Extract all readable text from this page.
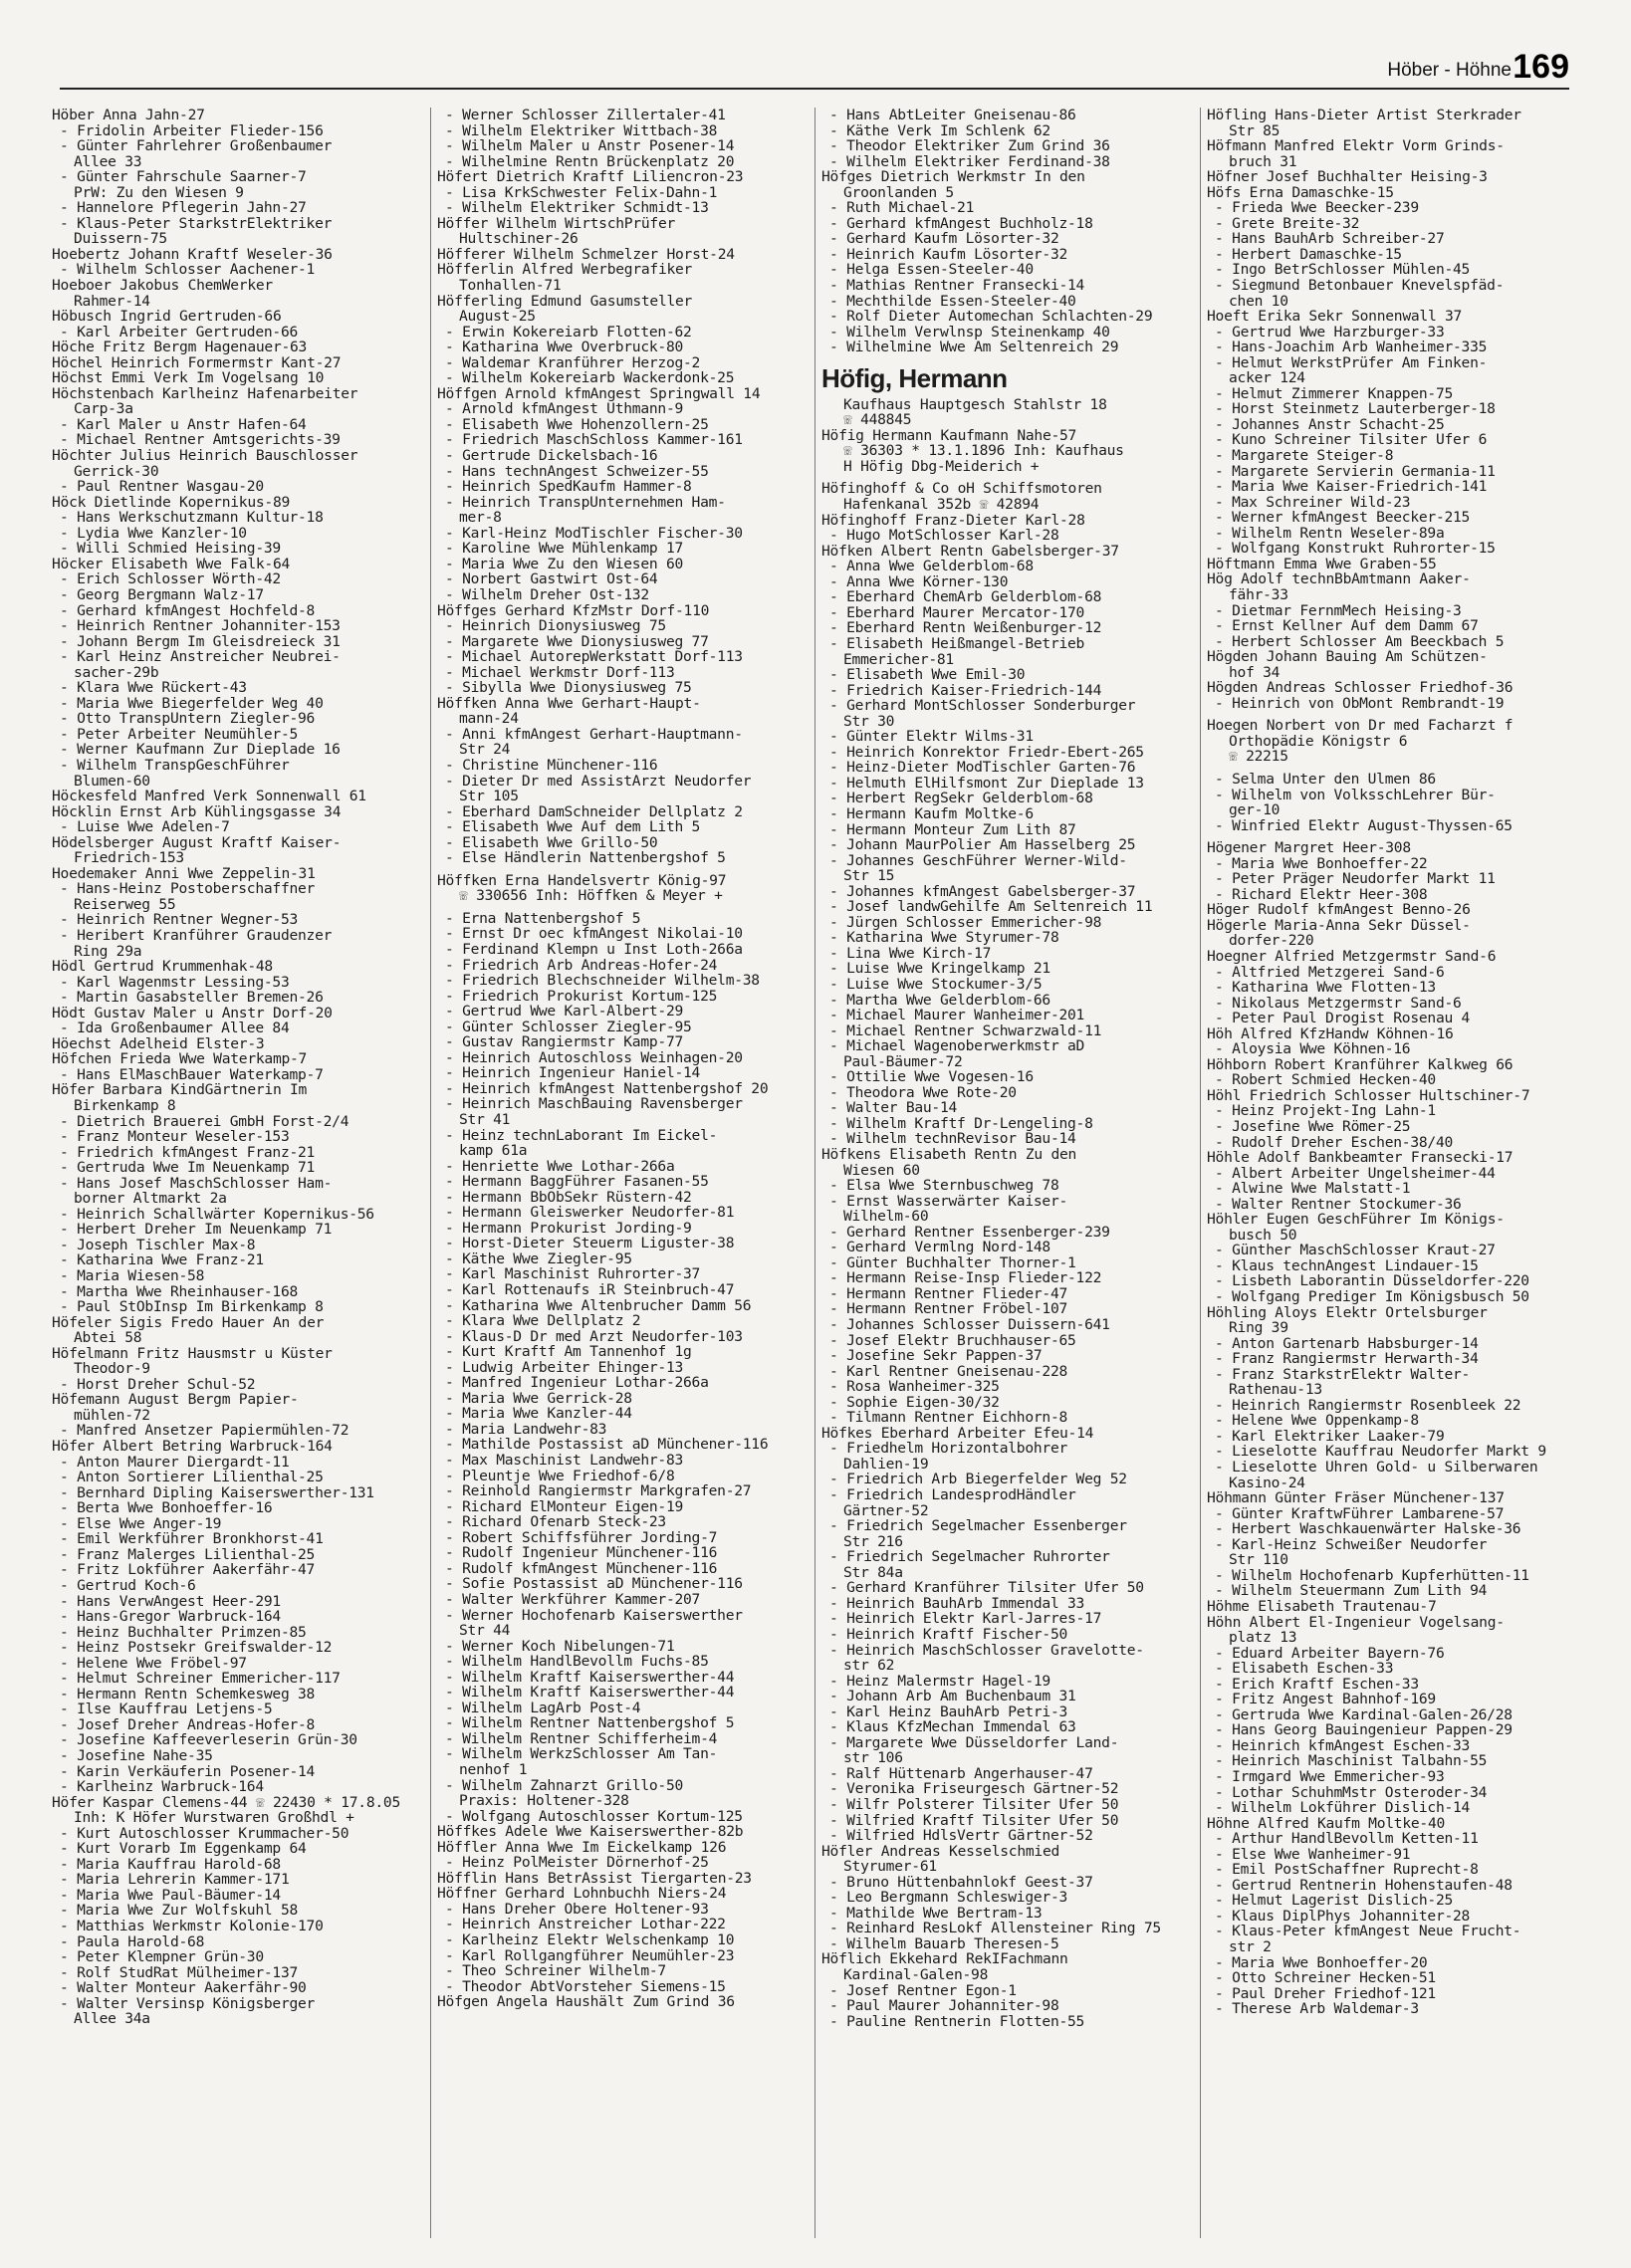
Höber - Höhne 169
Höber Anna Jahn-27
- Fridolin Arbeiter Flieder-156
- Günter Fahrlehrer Großenbaumer
Allee 33
- Günter Fahrschule Saarner-7
PrW: Zu den Wiesen 9
- Hannelore Pflegerin Jahn-27
- Klaus-Peter StarkstrElektriker
Duissern-75
Hoebertz Johann Kraftf Weseler-36
- Wilhelm Schlosser Aachener-1
Hoeboer Jakobus ChemWerker
Rahmer-14
Höbusch Ingrid Gertruden-66
- Karl Arbeiter Gertruden-66
Höche Fritz Bergm Hagenauer-63
Höchel Heinrich Formermstr Kant-27
Höchst Emmi Verk Im Vogelsang 10
Höchstenbach Karlheinz Hafenarbeiter
Carp-3a
- Karl Maler u Anstr Hafen-64
- Michael Rentner Amtsgerichts-39
Höchter Julius Heinrich Bauschlosser
Gerrick-30
- Paul Rentner Wasgau-20
Höck Dietlinde Kopernikus-89
- Hans Werkschutzmann Kultur-18
- Lydia Wwe Kanzler-10
- Willi Schmied Heising-39
Höcker Elisabeth Wwe Falk-64
- Erich Schlosser Wörth-42
- Georg Bergmann Walz-17
- Gerhard kfmAngest Hochfeld-8
- Heinrich Rentner Johanniter-153
- Johann Bergm Im Gleisdreieck 31
- Karl Heinz Anstreicher Neubrei-
sacher-29b
- Klara Wwe Rückert-43
- Maria Wwe Biegerfelder Weg 40
- Otto TranspUntern Ziegler-96
- Peter Arbeiter Neumühler-5
- Werner Kaufmann Zur Dieplade 16
- Wilhelm TranspGeschFührer
Blumen-60
Höckesfeld Manfred Verk Sonnenwall 61
Höcklin Ernst Arb Kühlingsgasse 34
- Luise Wwe Adelen-7
Hödelsberger August Kraftf Kaiser-
Friedrich-153
Hoedemaker Anni Wwe Zeppelin-31
- Hans-Heinz Postoberschaffner
Reiserweg 55
- Heinrich Rentner Wegner-53
- Heribert Kranführer Graudenzer
Ring 29a
Hödl Gertrud Krummenhak-48
- Karl Wagenmstr Lessing-53
- Martin Gasabsteller Bremen-26
Hödt Gustav Maler u Anstr Dorf-20
- Ida Großenbaumer Allee 84
Höechst Adelheid Elster-3
Höfchen Frieda Wwe Waterkamp-7
- Hans ElMaschBauer Waterkamp-7
Höfer Barbara KindGärtnerin Im
Birkenkamp 8
- Dietrich Brauerei GmbH Forst-2/4
- Franz Monteur Weseler-153
- Friedrich kfmAngest Franz-21
- Gertruda Wwe Im Neuenkamp 71
- Hans Josef MaschSchlosser Ham-
borner Altmarkt 2a
- Heinrich Schallwärter Kopernikus-56
- Herbert Dreher Im Neuenkamp 71
- Joseph Tischler Max-8
- Katharina Wwe Franz-21
- Maria Wiesen-58
- Martha Wwe Rheinhauser-168
- Paul StObInsp Im Birkenkamp 8
Höfeler Sigis Fredo Hauer An der
Abtei 58
Höfelmann Fritz Hausmstr u Küster
Theodor-9
- Horst Dreher Schul-52
Höfemann August Bergm Papier-
mühlen-72
- Manfred Ansetzer Papiermühlen-72
Höfer Albert Betring Warbruck-164
- Anton Maurer Diergardt-11
- Anton Sortierer Lilienthal-25
- Bernhard Dipling Kaiserswerther-131
- Berta Wwe Bonhoeffer-16
- Else Wwe Anger-19
- Emil Werkführer Bronkhorst-41
- Franz Malerges Lilienthal-25
- Fritz Lokführer Aakerfähr-47
- Gertrud Koch-6
- Hans VerwAngest Heer-291
- Hans-Gregor Warbruck-164
- Heinz Buchhalter Primzen-85
- Heinz Postsekr Greifswalder-12
- Helene Wwe Fröbel-97
- Helmut Schreiner Emmericher-117
- Hermann Rentn Schemkesweg 38
- Ilse Kauffrau Letjens-5
- Josef Dreher Andreas-Hofer-8
- Josefine Kaffeeverleserin Grün-30
- Josefine Nahe-35
- Karin Verkäuferin Posener-14
- Karlheinz Warbruck-164
Höfer Kaspar Clemens-44 ☏ 22430 * 17.8.05
Inh: K Höfer Wurstwaren Großhdl +
- Kurt Autoschlosser Krummacher-50
- Kurt Vorarb Im Eggenkamp 64
- Maria Kauffrau Harold-68
- Maria Lehrerin Kammer-171
- Maria Wwe Paul-Bäumer-14
- Maria Wwe Zur Wolfskuhl 58
- Matthias Werkmstr Kolonie-170
- Paula Harold-68
- Peter Klempner Grün-30
- Rolf StudRat Mülheimer-137
- Walter Monteur Aakerfähr-90
- Walter Versinsp Königsberger
Allee 34a
- Werner Schlosser Zillertaler-41
- Wilhelm Elektriker Wittbach-38
- Wilhelm Maler u Anstr Posener-14
- Wilhelmine Rentn Brückenplatz 20
Höfert Dietrich Kraftf Liliencron-23
- Lisa KrkSchwester Felix-Dahn-1
- Wilhelm Elektriker Schmidt-13
Höffer Wilhelm WirtschPrüfer
Hultschiner-26
Höfferer Wilhelm Schmelzer Horst-24
Höfferlin Alfred Werbegrafiker
Tonhallen-71
Höfferling Edmund Gasumsteller
August-25
- Erwin Kokereiarb Flotten-62
- Katharina Wwe Overbruck-80
- Waldemar Kranführer Herzog-2
- Wilhelm Kokereiarb Wackerdonk-25
Höffgen Arnold kfmAngest Springwall 14
- Arnold kfmAngest Uthmann-9
- Elisabeth Wwe Hohenzollern-25
- Friedrich MaschSchloss Kammer-161
- Gertrude Dickelsbach-16
- Hans technAngest Schweizer-55
- Heinrich SpedKaufm Hammer-8
- Heinrich TranspUnternehmen Ham-
mer-8
- Karl-Heinz ModTischler Fischer-30
- Karoline Wwe Mühlenkamp 17
- Maria Wwe Zu den Wiesen 60
- Norbert Gastwirt Ost-64
- Wilhelm Dreher Ost-132
Höffges Gerhard KfzMstr Dorf-110
- Heinrich Dionysiusweg 75
- Margarete Wwe Dionysiusweg 77
- Michael AutorepWerkstatt Dorf-113
- Michael Werkmstr Dorf-113
- Sibylla Wwe Dionysiusweg 75
Höffken Anna Wwe Gerhart-Haupt-
mann-24
- Anni kfmAngest Gerhart-Hauptmann-
Str 24
- Christine Münchener-116
- Dieter Dr med AssistArzt Neudorfer
Str 105
- Eberhard DamSchneider Dellplatz 2
- Elisabeth Wwe Auf dem Lith 5
- Elisabeth Wwe Grillo-50
- Else Händlerin Nattenbergshof 5
Höffken Erna Handelsvertr König-97
☏ 330656 Inh: Höffken & Meyer +
- Erna Nattenbergshof 5
- Ernst Dr oec kfmAngest Nikolai-10
- Ferdinand Klempn u Inst Loth-266a
- Friedrich Arb Andreas-Hofer-24
- Friedrich Blechschneider Wilhelm-38
- Friedrich Prokurist Kortum-125
- Gertrud Wwe Karl-Albert-29
- Günter Schlosser Ziegler-95
- Gustav Rangiermstr Kamp-77
- Heinrich Autoschloss Weinhagen-20
- Heinrich Ingenieur Haniel-14
- Heinrich kfmAngest Nattenbergshof 20
- Heinrich MaschBauing Ravensberger
Str 41
- Heinz technLaborant Im Eickel-
kamp 61a
- Henriette Wwe Lothar-266a
- Hermann BaggFührer Fasanen-55
- Hermann BbObSekr Rüstern-42
- Hermann Gleiswerker Neudorfer-81
- Hermann Prokurist Jording-9
- Horst-Dieter Steuerm Liguster-38
- Käthe Wwe Ziegler-95
- Karl Maschinist Ruhrorter-37
- Karl Rottenaufs iR Steinbruch-47
- Katharina Wwe Altenbrucher Damm 56
- Klara Wwe Dellplatz 2
- Klaus-D Dr med Arzt Neudorfer-103
- Kurt Kraftf Am Tannenhof 1g
- Ludwig Arbeiter Ehinger-13
- Manfred Ingenieur Lothar-266a
- Maria Wwe Gerrick-28
- Maria Wwe Kanzler-44
- Maria Landwehr-83
- Mathilde Postassist aD Münchener-116
- Max Maschinist Landwehr-83
- Pleuntje Wwe Friedhof-6/8
- Reinhold Rangiermstr Markgrafen-27
- Richard ElMonteur Eigen-19
- Richard Ofenarb Steck-23
- Robert Schiffsführer Jording-7
- Rudolf Ingenieur Münchener-116
- Rudolf kfmAngest Münchener-116
- Sofie Postassist aD Münchener-116
- Walter Werkführer Kammer-207
- Werner Hochofenarb Kaiserswerther
Str 44
- Werner Koch Nibelungen-71
- Wilhelm HandlBevollm Fuchs-85
- Wilhelm Kraftf Kaiserswerther-44
- Wilhelm Kraftf Kaiserswerther-44
- Wilhelm LagArb Post-4
- Wilhelm Rentner Nattenbergshof 5
- Wilhelm Rentner Schifferheim-4
- Wilhelm WerkzSchlosser Am Tan-
nenhof 1
- Wilhelm Zahnarzt Grillo-50
Praxis: Holtener-328
- Wolfgang Autoschlosser Kortum-125
Höffkes Adele Wwe Kaiserswerther-82b
Höffler Anna Wwe Im Eickelkamp 126
- Heinz PolMeister Dörnerhof-25
Höfflin Hans BetrAssist Tiergarten-23
Höffner Gerhard Lohnbuchh Niers-24
- Hans Dreher Obere Holtener-93
- Heinrich Anstreicher Lothar-222
- Karlheinz Elektr Welschenkamp 10
- Karl Rollgangführer Neumühler-23
- Theo Schreiner Wilhelm-7
- Theodor AbtVorsteher Siemens-15
Höfgen Angela Haushält Zum Grind 36
- Hans AbtLeiter Gneisenau-86
- Käthe Verk Im Schlenk 62
- Theodor Elektriker Zum Grind 36
- Wilhelm Elektriker Ferdinand-38
Höfges Dietrich Werkmstr In den
Groonlanden 5
- Ruth Michael-21
- Gerhard kfmAngest Buchholz-18
- Gerhard Kaufm Lösorter-32
- Heinrich Kaufm Lösorter-32
- Helga Essen-Steeler-40
- Mathias Rentner Fransecki-14
- Mechthilde Essen-Steeler-40
- Rolf Dieter Automechan Schlachten-29
- Wilhelm Verwlnsp Steinenkamp 40
- Wilhelmine Wwe Am Seltenreich 29
Höfig, Hermann
Kaufhaus Hauptgesch Stahlstr 18
☏ 448845
Höfig Hermann Kaufmann Nahe-57
☏ 36303 * 13.1.1896 Inh: Kaufhaus
H Höfig Dbg-Meiderich +
Höfinghoff & Co oH Schiffsmotoren
Hafenkanal 352b ☏ 42894
Höfinghoff Franz-Dieter Karl-28
- Hugo MotSchlosser Karl-28
Höfken Albert Rentn Gabelsberger-37
- Anna Wwe Gelderblom-68
- Anna Wwe Körner-130
- Eberhard ChemArb Gelderblom-68
- Eberhard Maurer Mercator-170
- Eberhard Rentn Weißenburger-12
- Elisabeth Heißmangel-Betrieb
Emmericher-81
- Elisabeth Wwe Emil-30
- Friedrich Kaiser-Friedrich-144
- Gerhard MontSchlosser Sonderburger
Str 30
- Günter Elektr Wilms-31
- Heinrich Konrektor Friedr-Ebert-265
- Heinz-Dieter ModTischler Garten-76
- Helmuth ElHilfsmont Zur Dieplade 13
- Herbert RegSekr Gelderblom-68
- Hermann Kaufm Moltke-6
- Hermann Monteur Zum Lith 87
- Johann MaurPolier Am Hasselberg 25
- Johannes GeschFührer Werner-Wild-
Str 15
- Johannes kfmAngest Gabelsberger-37
- Josef landwGehilfe Am Seltenreich 11
- Jürgen Schlosser Emmericher-98
- Katharina Wwe Styrumer-78
- Lina Wwe Kirch-17
- Luise Wwe Kringelkamp 21
- Luise Wwe Stockumer-3/5
- Martha Wwe Gelderblom-66
- Michael Maurer Wanheimer-201
- Michael Rentner Schwarzwald-11
- Michael Wagenoberwerkmstr aD
Paul-Bäumer-72
- Ottilie Wwe Vogesen-16
- Theodora Wwe Rote-20
- Walter Bau-14
- Wilhelm Kraftf Dr-Lengeling-8
- Wilhelm technRevisor Bau-14
Höfkens Elisabeth Rentn Zu den
Wiesen 60
- Elsa Wwe Sternbuschweg 78
- Ernst Wasserwärter Kaiser-
Wilhelm-60
- Gerhard Rentner Essenberger-239
- Gerhard Vermlng Nord-148
- Günter Buchhalter Thorner-1
- Hermann Reise-Insp Flieder-122
- Hermann Rentner Flieder-47
- Hermann Rentner Fröbel-107
- Johannes Schlosser Duissern-641
- Josef Elektr Bruchhauser-65
- Josefine Sekr Pappen-37
- Karl Rentner Gneisenau-228
- Rosa Wanheimer-325
- Sophie Eigen-30/32
- Tilmann Rentner Eichhorn-8
Höfkes Eberhard Arbeiter Efeu-14
- Friedhelm Horizontalbohrer
Dahlien-19
- Friedrich Arb Biegerfelder Weg 52
- Friedrich LandesprodHändler
Gärtner-52
- Friedrich Segelmacher Essenberger
Str 216
- Friedrich Segelmacher Ruhrorter
Str 84a
- Gerhard Kranführer Tilsiter Ufer 50
- Heinrich BauhArb Immendal 33
- Heinrich Elektr Karl-Jarres-17
- Heinrich Kraftf Fischer-50
- Heinrich MaschSchlosser Gravelotte-
str 62
- Heinz Malermstr Hagel-19
- Johann Arb Am Buchenbaum 31
- Karl Heinz BauhArb Petri-3
- Klaus KfzMechan Immendal 63
- Margarete Wwe Düsseldorfer Land-
str 106
- Ralf Hüttenarb Angerhauser-47
- Veronika Friseurgesch Gärtner-52
- Wilfr Polsterer Tilsiter Ufer 50
- Wilfried Kraftf Tilsiter Ufer 50
- Wilfried HdlsVertr Gärtner-52
Höfler Andreas Kesselschmied
Styrumer-61
- Bruno Hüttenbahnlokf Geest-37
- Leo Bergmann Schleswiger-3
- Mathilde Wwe Bertram-13
- Reinhard ResLokf Allensteiner Ring 75
- Wilhelm Bauarb Theresen-5
Höflich Ekkehard RekIFachmann
Kardinal-Galen-98
- Josef Rentner Egon-1
- Paul Maurer Johanniter-98
- Pauline Rentnerin Flotten-55
Höfling Hans-Dieter Artist Sterkrader
Str 85
Höfmann Manfred Elektr Vorm Grinds-
bruch 31
Höfner Josef Buchhalter Heising-3
Höfs Erna Damaschke-15
- Frieda Wwe Beecker-239
- Grete Breite-32
- Hans BauhArb Schreiber-27
- Herbert Damaschke-15
- Ingo BetrSchlosser Mühlen-45
- Siegmund Betonbauer Knevelspfäd-
chen 10
Hoeft Erika Sekr Sonnenwall 37
- Gertrud Wwe Harzburger-33
- Hans-Joachim Arb Wanheimer-335
- Helmut WerkstPrüfer Am Finken-
acker 124
- Helmut Zimmerer Knappen-75
- Horst Steinmetz Lauterberger-18
- Johannes Anstr Schacht-25
- Kuno Schreiner Tilsiter Ufer 6
- Margarete Steiger-8
- Margarete Servierin Germania-11
- Maria Wwe Kaiser-Friedrich-141
- Max Schreiner Wild-23
- Werner kfmAngest Beecker-215
- Wilhelm Rentn Weseler-89a
- Wolfgang Konstrukt Ruhrorter-15
Höftmann Emma Wwe Graben-55
Hög Adolf technBbAmtmann Aaker-
fähr-33
- Dietmar FernmMech Heising-3
- Ernst Kellner Auf dem Damm 67
- Herbert Schlosser Am Beeckbach 5
Högden Johann Bauing Am Schützen-
hof 34
Högden Andreas Schlosser Friedhof-36
- Heinrich von ObMont Rembrandt-19
Hoegen Norbert von Dr med Facharzt f
Orthopädie Königstr 6
☏ 22215
- Selma Unter den Ulmen 86
- Wilhelm von VolksschLehrer Bür-
ger-10
- Winfried Elektr August-Thyssen-65
Högener Margret Heer-308
- Maria Wwe Bonhoeffer-22
- Peter Präger Neudorfer Markt 11
- Richard Elektr Heer-308
Höger Rudolf kfmAngest Benno-26
Högerle Maria-Anna Sekr Düssel-
dorfer-220
Hoegner Alfried Metzgermstr Sand-6
- Altfried Metzgerei Sand-6
- Katharina Wwe Flotten-13
- Nikolaus Metzgermstr Sand-6
- Peter Paul Drogist Rosenau 4
Höh Alfred KfzHandw Köhnen-16
- Aloysia Wwe Köhnen-16
Höhborn Robert Kranführer Kalkweg 66
- Robert Schmied Hecken-40
Höhl Friedrich Schlosser Hultschiner-7
- Heinz Projekt-Ing Lahn-1
- Josefine Wwe Römer-25
- Rudolf Dreher Eschen-38/40
Höhle Adolf Bankbeamter Fransecki-17
- Albert Arbeiter Ungelsheimer-44
- Alwine Wwe Malstatt-1
- Walter Rentner Stockumer-36
Höhler Eugen GeschFührer Im Königs-
busch 50
- Günther MaschSchlosser Kraut-27
- Klaus technAngest Lindauer-15
- Lisbeth Laborantin Düsseldorfer-220
- Wolfgang Prediger Im Königsbusch 50
Höhling Aloys Elektr Ortelsburger
Ring 39
- Anton Gartenarb Habsburger-14
- Franz Rangiermstr Herwarth-34
- Franz StarkstrElektr Walter-
Rathenau-13
- Heinrich Rangiermstr Rosenbleek 22
- Helene Wwe Oppenkamp-8
- Karl Elektriker Laaker-79
- Lieselotte Kauffrau Neudorfer Markt 9
- Lieselotte Uhren Gold- u Silberwaren
Kasino-24
Höhmann Günter Fräser Münchener-137
- Günter KraftwFührer Lambarene-57
- Herbert Waschkauenwärter Halske-36
- Karl-Heinz Schweißer Neudorfer
Str 110
- Wilhelm Hochofenarb Kupferhütten-11
- Wilhelm Steuermann Zum Lith 94
Höhme Elisabeth Trautenau-7
Höhn Albert El-Ingenieur Vogelsang-
platz 13
- Eduard Arbeiter Bayern-76
- Elisabeth Eschen-33
- Erich Kraftf Eschen-33
- Fritz Angest Bahnhof-169
- Gertruda Wwe Kardinal-Galen-26/28
- Hans Georg Bauingenieur Pappen-29
- Heinrich kfmAngest Eschen-33
- Heinrich Maschinist Talbahn-55
- Irmgard Wwe Emmericher-93
- Lothar SchuhmMstr Osteroder-34
- Wilhelm Lokführer Dislich-14
Höhne Alfred Kaufm Moltke-40
- Arthur HandlBevollm Ketten-11
- Else Wwe Wanheimer-91
- Emil PostSchaffner Ruprecht-8
- Gertrud Rentnerin Hohenstaufen-48
- Helmut Lagerist Dislich-25
- Klaus DiplPhys Johanniter-28
- Klaus-Peter kfmAngest Neue Frucht-
str 2
- Maria Wwe Bonhoeffer-20
- Otto Schreiner Hecken-51
- Paul Dreher Friedhof-121
- Therese Arb Waldemar-3
